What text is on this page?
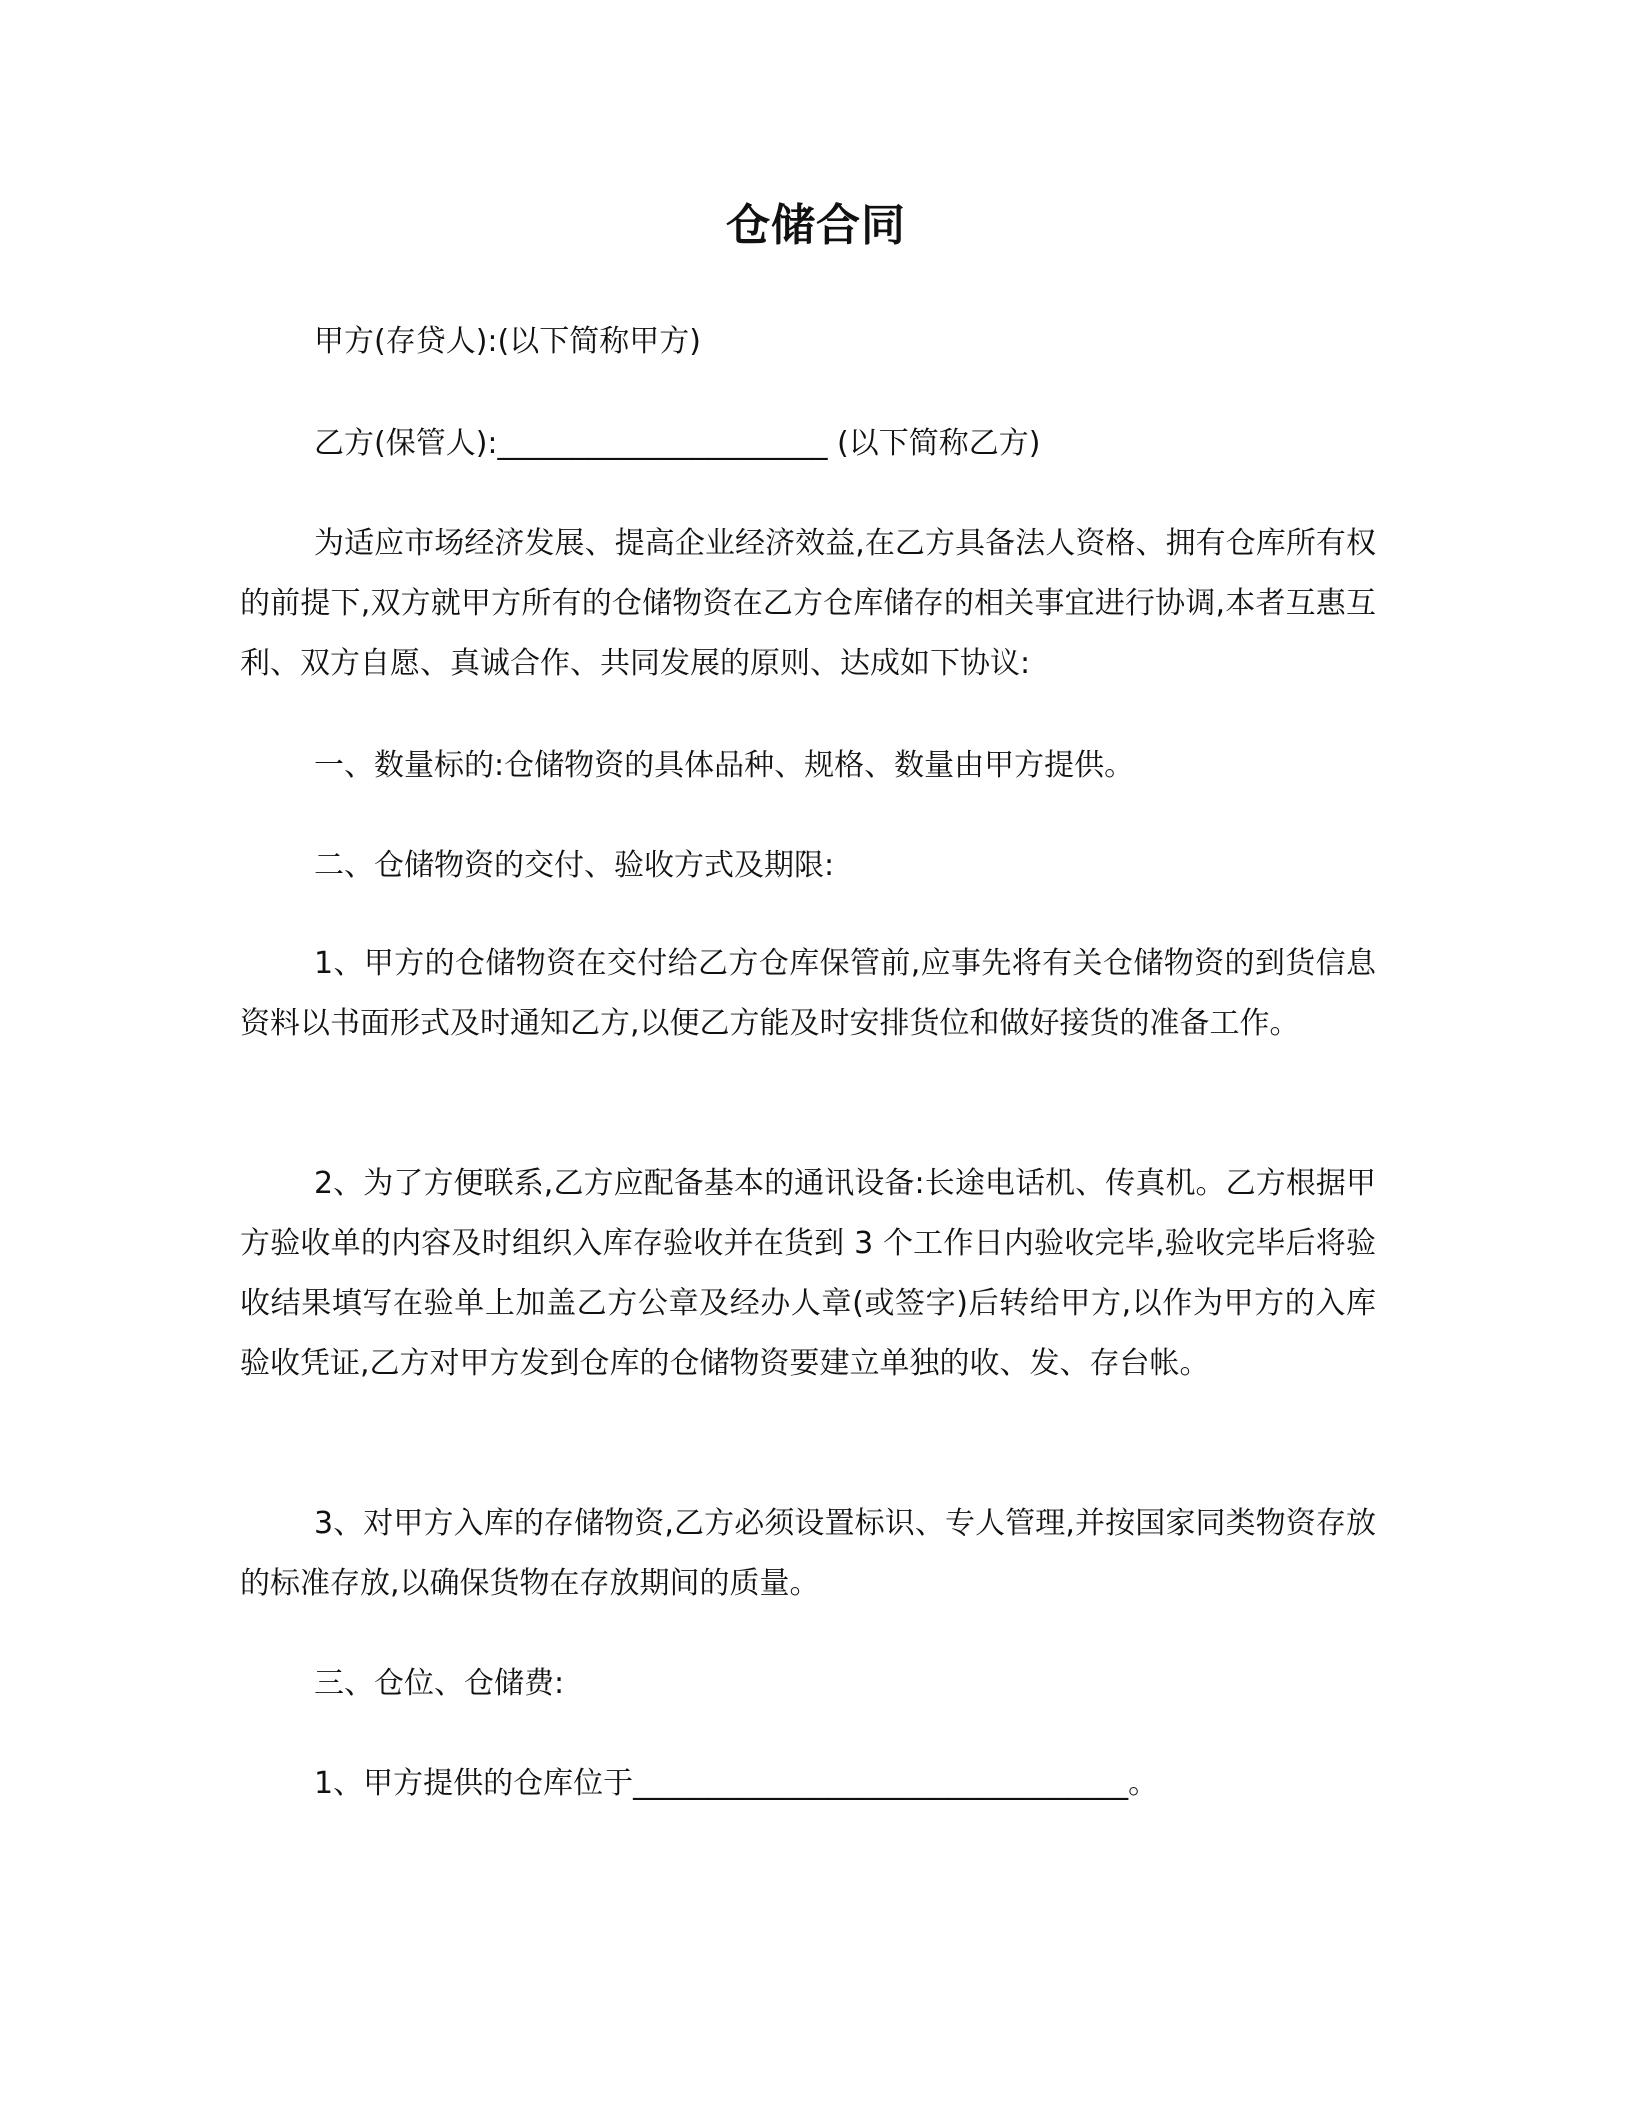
仓储合同
甲方(存贷人):(以下简称甲方)
乙方(保管人):______________________ (以下简称乙方)

为适应市场经济发展、提高企业经济效益,在乙方具备法人资格、拥有仓库所有权的前提下,双方就甲方所有的仓储物资在乙方仓库储存的相关事宜进行协调,本者互惠互利、双方自愿、真诚合作、共同发展的原则、达成如下协议:

一、数量标的:仓储物资的具体品种、规格、数量由甲方提供。
二、仓储物资的交付、验收方式及期限:

1、甲方的仓储物资在交付给乙方仓库保管前,应事先将有关仓储物资的到货信息资料以书面形式及时通知乙方,以便乙方能及时安排货位和做好接货的准备工作。

2、为了方便联系,乙方应配备基本的通讯设备:长途电话机、传真机。乙方根据甲方验收单的内容及时组织入库存验收并在货到 3 个工作日内验收完毕,验收完毕后将验收结果填写在验单上加盖乙方公章及经办人章(或签字)后转给甲方,以作为甲方的入库验收凭证,乙方对甲方发到仓库的仓储物资要建立单独的收、发、存台帐。

3、对甲方入库的存储物资,乙方必须设置标识、专人管理,并按国家同类物资存放的标准存放,以确保货物在存放期间的质量。

三、仓位、仓储费:
1、甲方提供的仓库位于_________________________________。
